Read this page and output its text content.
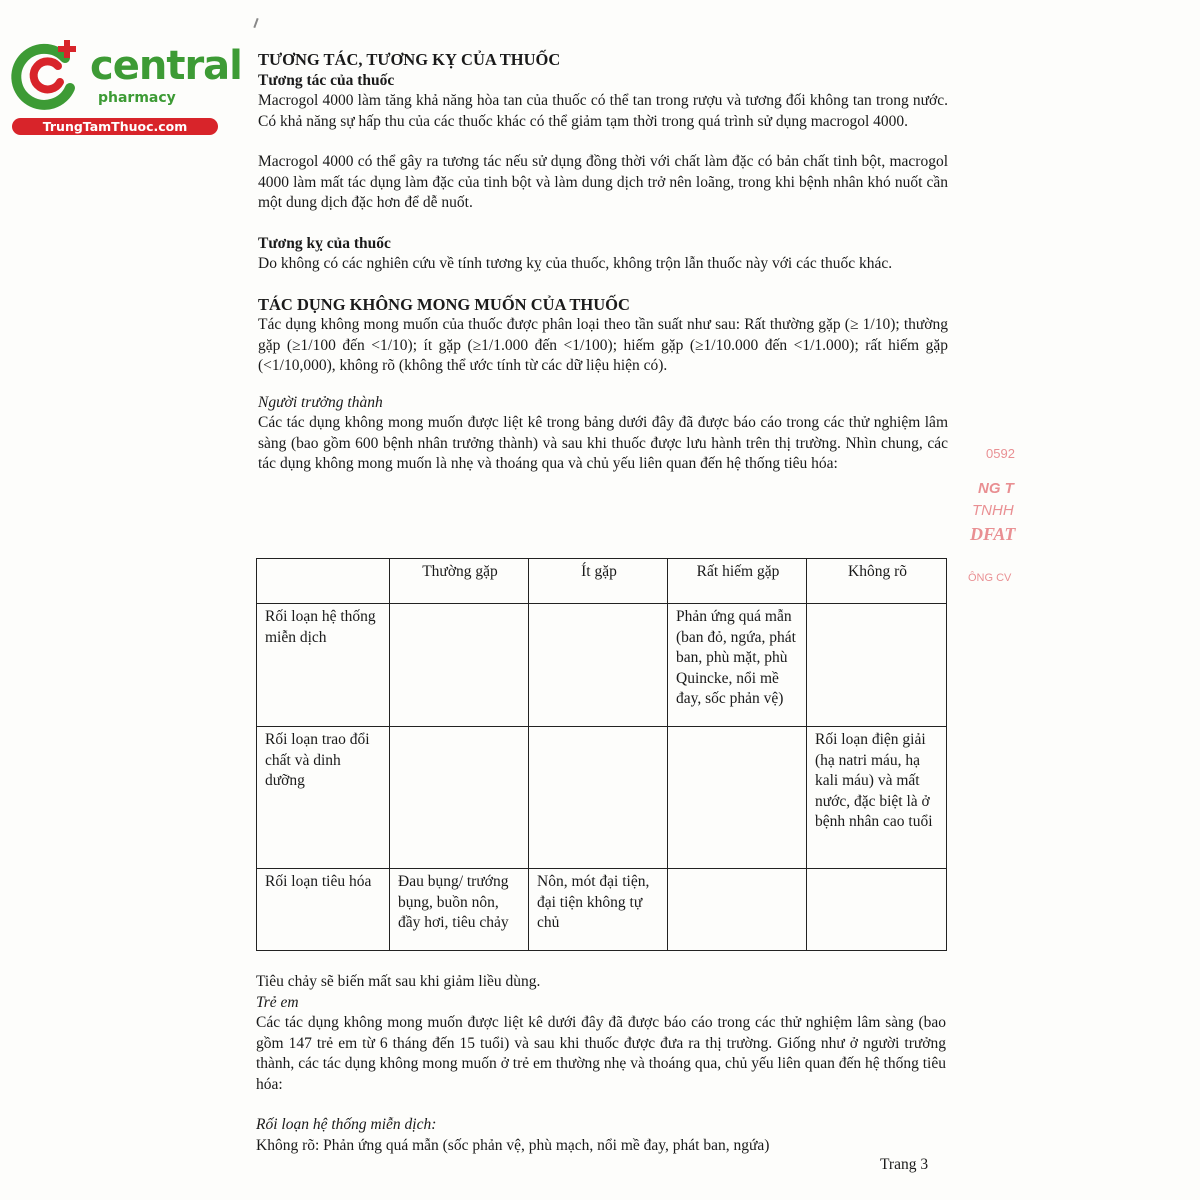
central
pharmacy
TrungTamThuoc.com
0592
NG T
TNHH
DFAT
ÔNG CV

TƯƠNG TÁC, TƯƠNG KỴ CỦA THUỐC

Tương tác của thuốc

Macrogol 4000 làm tăng khả năng hòa tan của thuốc có thể tan trong rượu và tương đối không tan trong nước. Có khả năng sự hấp thu của các thuốc khác có thể giảm tạm thời trong quá trình sử dụng macrogol 4000.

Macrogol 4000 có thể gây ra tương tác nếu sử dụng đồng thời với chất làm đặc có bản chất tinh bột, macrogol 4000 làm mất tác dụng làm đặc của tinh bột và làm dung dịch trở nên loãng, trong khi bệnh nhân khó nuốt cần một dung dịch đặc hơn để dễ nuốt.

Tương kỵ của thuốc

Do không có các nghiên cứu về tính tương kỵ của thuốc, không trộn lẫn thuốc này với các thuốc khác.

TÁC DỤNG KHÔNG MONG MUỐN CỦA THUỐC

Tác dụng không mong muốn của thuốc được phân loại theo tần suất như sau: Rất thường gặp (≥ 1/10); thường gặp (≥1/100 đến <1/10); ít gặp (≥1/1.000 đến <1/100); hiếm gặp (≥1/10.000 đến <1/1.000); rất hiếm gặp (<1/10,000), không rõ (không thể ước tính từ các dữ liệu hiện có).

Người trưởng thành

Các tác dụng không mong muốn được liệt kê trong bảng dưới đây đã được báo cáo trong các thử nghiệm lâm sàng (bao gồm 600 bệnh nhân trưởng thành) và sau khi thuốc được lưu hành trên thị trường. Nhìn chung, các tác dụng không mong muốn là nhẹ và thoáng qua và chủ yếu liên quan đến hệ thống tiêu hóa:

	Thường gặp	Ít gặp	Rất hiếm gặp	Không rõ
Rối loạn hệ thống miễn dịch			Phản ứng quá mẫn (ban đỏ, ngứa, phát ban, phù mặt, phù Quincke, nổi mề đay, sốc phản vệ)	
Rối loạn trao đổi chất và dinh dưỡng				Rối loạn điện giải (hạ natri máu, hạ kali máu) và mất nước, đặc biệt là ở bệnh nhân cao tuổi
Rối loạn tiêu hóa	Đau bụng/ trướng bụng, buồn nôn, đầy hơi, tiêu chảy	Nôn, mót đại tiện, đại tiện không tự chủ		

Tiêu chảy sẽ biến mất sau khi giảm liều dùng.

Trẻ em

Các tác dụng không mong muốn được liệt kê dưới đây đã được báo cáo trong các thử nghiệm lâm sàng (bao gồm 147 trẻ em từ 6 tháng đến 15 tuổi) và sau khi thuốc được đưa ra thị trường. Giống như ở người trưởng thành, các tác dụng không mong muốn ở trẻ em thường nhẹ và thoáng qua, chủ yếu liên quan đến hệ thống tiêu hóa:

Rối loạn hệ thống miễn dịch:

Không rõ: Phản ứng quá mẫn (sốc phản vệ, phù mạch, nổi mề đay, phát ban, ngứa)

Trang 3
